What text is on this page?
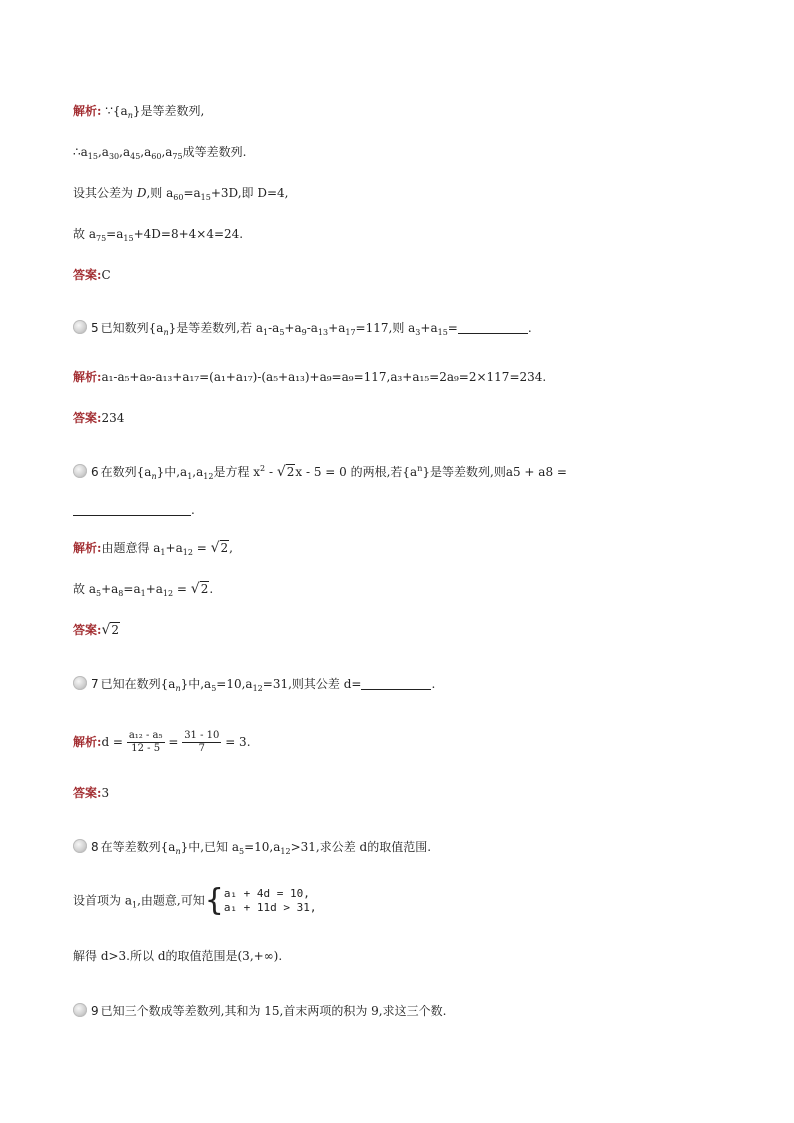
解析: $\because\{a_n\}$是等差数列,
$\therefore a_{15},a_{30},a_{45},a_{60},a_{75}$成等差数列.
设其公差为 D,则 $a_{60}=a_{15}+3D$,即 D=4,
故 $a_{75}=a_{15}+4D=8+4\times 4=24$.
答案:C
5 已知数列$\{a_n\}$是等差数列,若 $a_1-a_5+a_9-a_{13}+a_{17}=117$,则 $a_3+a_{15}=$	.
解析:a₁-a₅+a₉-a₁₃+a₁₇=(a₁+a₁₇)-(a₅+a₁₃)+a₉=a₉=117,a₃+a₁₅=2a₉=2×117=234.
答案:234
6 在数列$\{a_n\}$中$,a_1,a_{12}$是方程 $x^2 - √2x - 5 = 0$ 的两根,若$\{a^n\}$是等差数列,则a5 + a8 =
.
解析:由题意得 $a_1+a_{12} = √2$,
故 $a_5+a_8=a_1+a_{12} = √2$.
答案:√2
7 已知在数列$\{a_n\}$中$,a_5=10,a_{12}=31$,则其公差 d=	.
解析:d = $\frac{\text{a₁₂ - a₅}}{12 - 5} = \frac{31 - 10}{7} = 3$.
答案:3
8 在等差数列$\{a_n\}$中,已知 $a_5=10,a_{12}>31$,求公差 d的取值范围.
设首项为 $a_1$,由题意,可知 { a₁ + 4d = 10,
a₁ + 11d > 31,
解得 d>3.所以 d的取值范围是(3,+∞).
9 已知三个数成等差数列,其和为 15,首末两项的积为 9,求这三个数.
